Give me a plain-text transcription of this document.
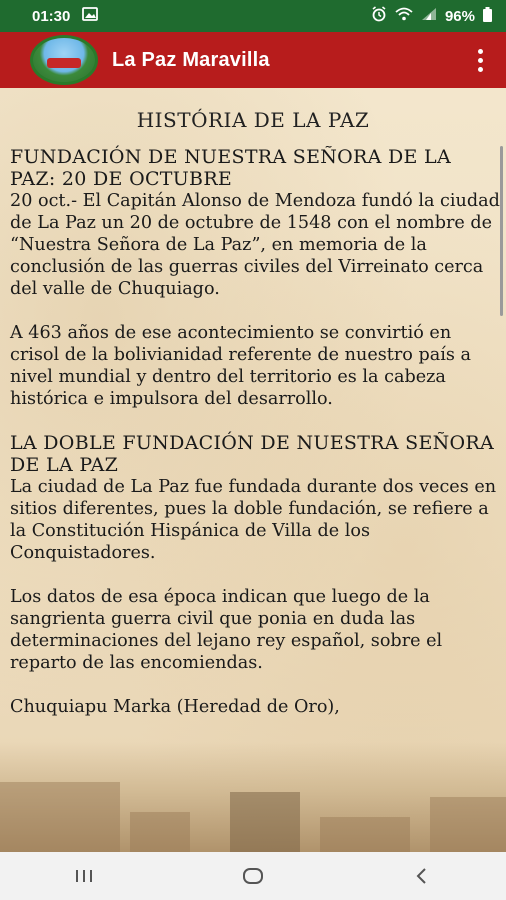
01:30	96%
La Paz Maravilla
HISTÓRIA DE LA PAZ
FUNDACIÓN DE NUESTRA SEÑORA DE LA PAZ: 20 DE OCTUBRE

20 oct.- El Capitán Alonso de Mendoza fundó la ciudad de La Paz un 20 de octubre de 1548 con el nombre de “Nuestra Señora de La Paz”, en memoria de la conclusión de las guerras civiles del Virreinato cerca del valle de Chuquiago.

A 463 años de ese acontecimiento se convirtió en crisol de la bolivianidad referente de nuestro país a nivel mundial y dentro del territorio es la cabeza histórica e impulsora del desarrollo.

LA DOBLE FUNDACIÓN DE NUESTRA SEÑORA DE LA PAZ

La ciudad de La Paz fue fundada durante dos veces en sitios diferentes, pues la doble fundación, se refiere a la Constitución Hispánica de Villa de los Conquistadores.

Los datos de esa época indican que luego de la sangrienta guerra civil que ponia en duda las determinaciones del lejano rey español, sobre el reparto de las encomiendas.

Chuquiapu Marka (Heredad de Oro),
